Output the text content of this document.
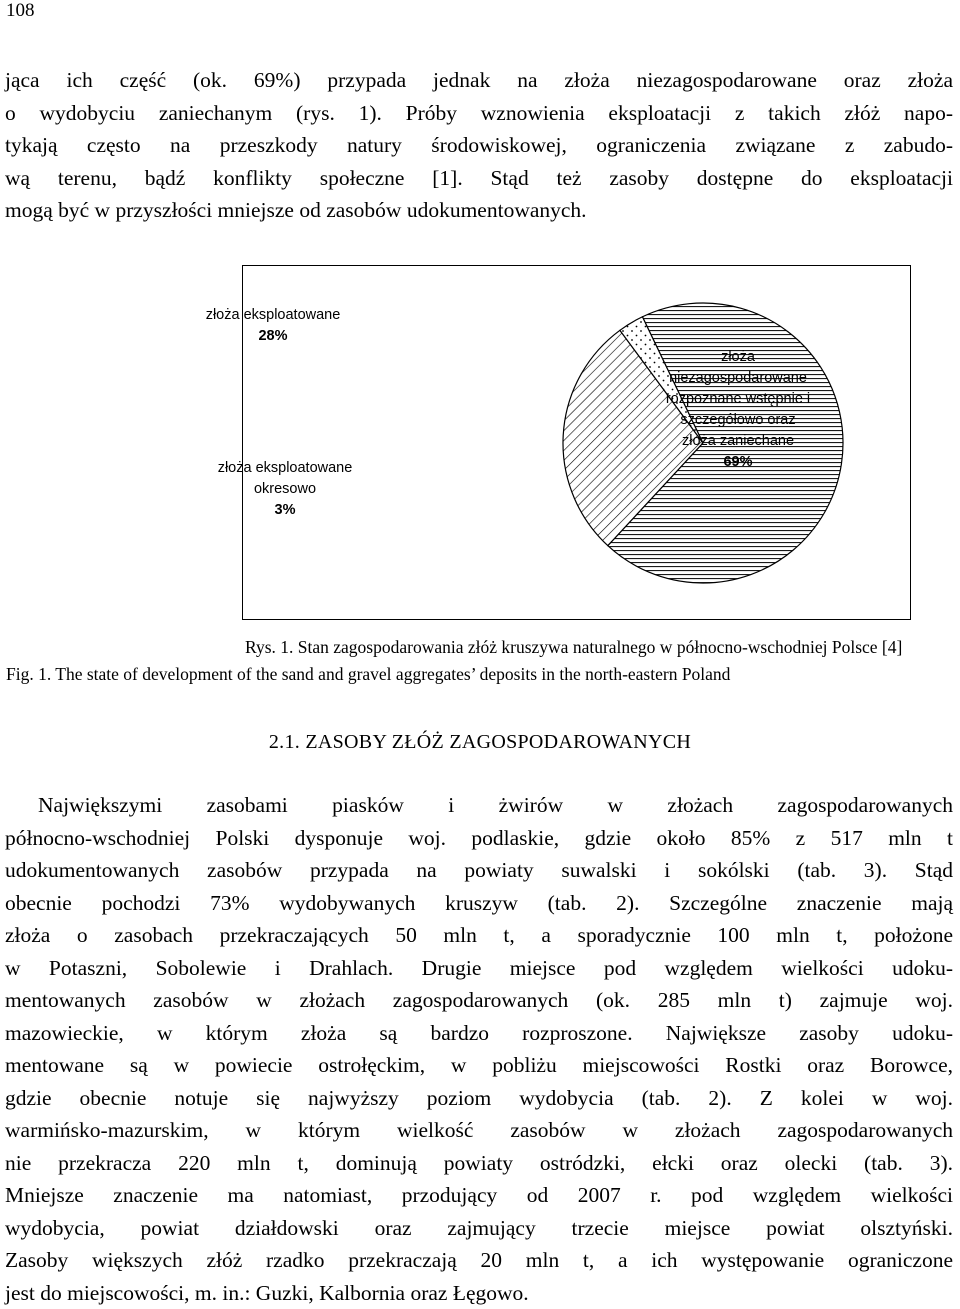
108
jąca ich część (ok. 69%) przypada jednak na złoża niezagospodarowane oraz złoża
o wydobyciu zaniechanym (rys. 1). Próby wznowienia eksploatacji z takich złóż napo-
tykają często na przeszkody natury środowiskowej, ograniczenia związane z zabudo-
wą terenu, bądź konflikty społeczne [1]. Stąd też zasoby dostępne do eksploatacji
mogą być w przyszłości mniejsze od zasobów udokumentowanych.
złoża eksploatowane
28%
złoża eksploatowane
okresowo
3%
złoża
niezagospodarowane
rozpoznane wstępnie i
szczegółowo oraz
złoża zaniechane
69%
Rys. 1. Stan zagospodarowania złóż kruszywa naturalnego w północno-wschodniej Polsce [4]
Fig. 1. The state of development of the sand and gravel aggregates’ deposits in the north-eastern Poland
2.1. ZASOBY ZŁÓŻ ZAGOSPODAROWANYCH
Największymi zasobami piasków i żwirów w złożach zagospodarowanych
północno-wschodniej Polski dysponuje woj. podlaskie, gdzie około 85% z 517 mln t
udokumentowanych zasobów przypada na powiaty suwalski i sokólski (tab. 3). Stąd
obecnie pochodzi 73% wydobywanych kruszyw (tab. 2). Szczególne znaczenie mają
złoża o zasobach przekraczających 50 mln t, a sporadycznie 100 mln t, położone
w Potaszni, Sobolewie i Drahlach. Drugie miejsce pod względem wielkości udoku-
mentowanych zasobów w złożach zagospodarowanych (ok. 285 mln t) zajmuje woj.
mazowieckie, w którym złoża są bardzo rozproszone. Największe zasoby udoku-
mentowane są w powiecie ostrołęckim, w pobliżu miejscowości Rostki oraz Borowce,
gdzie obecnie notuje się najwyższy poziom wydobycia (tab. 2). Z kolei w woj.
warmińsko-mazurskim, w którym wielkość zasobów w złożach zagospodarowanych
nie przekracza 220 mln t, dominują powiaty ostródzki, ełcki oraz olecki (tab. 3).
Mniejsze znaczenie ma natomiast, przodujący od 2007 r. pod względem wielkości
wydobycia, powiat działdowski oraz zajmujący trzecie miejsce powiat olsztyński.
Zasoby większych złóż rzadko przekraczają 20 mln t, a ich występowanie ograniczone
jest do miejscowości, m. in.: Guzki, Kalbornia oraz Łęgowo.
